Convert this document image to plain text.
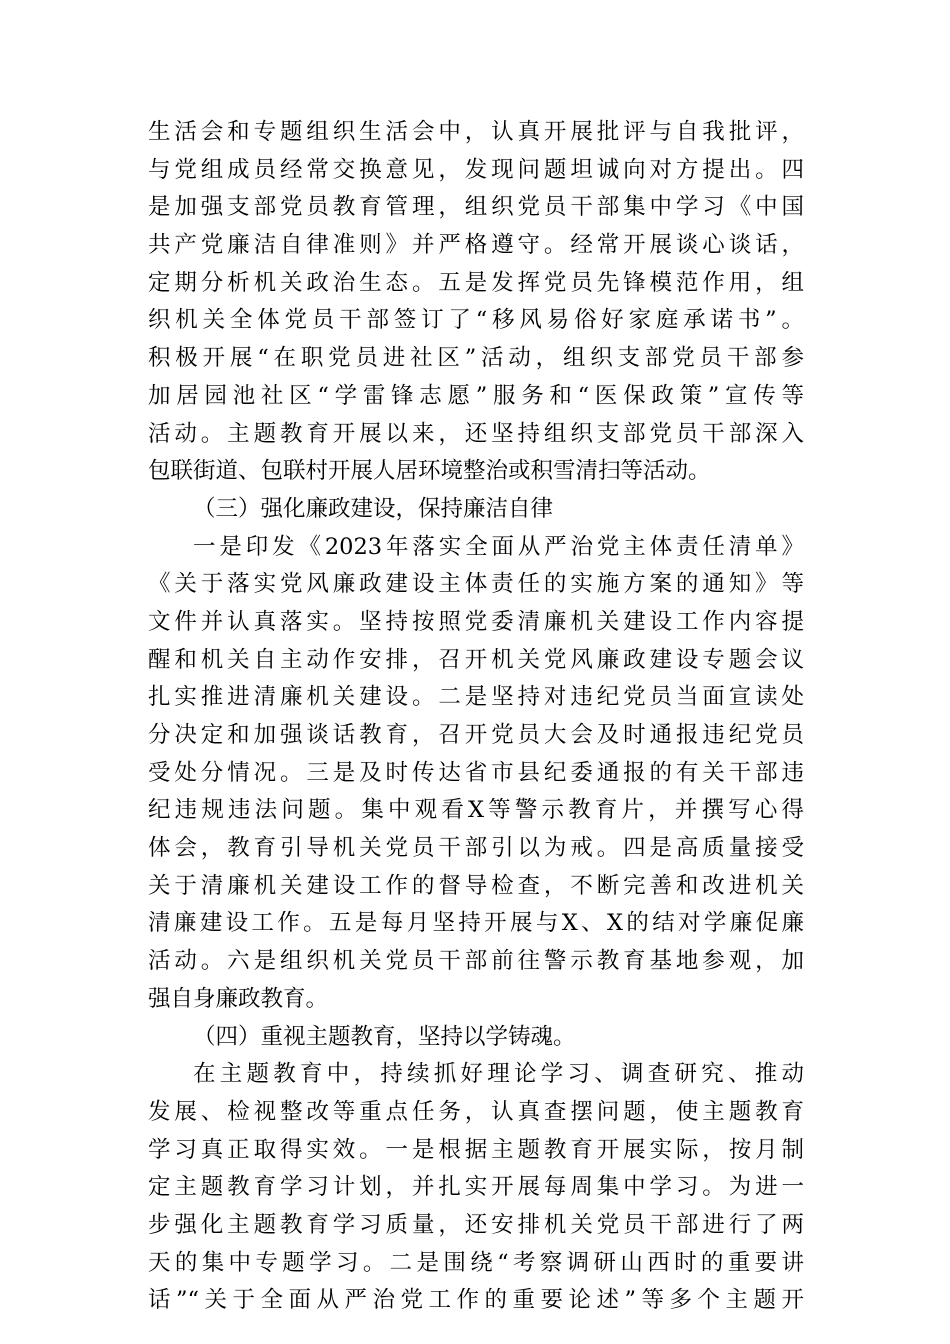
生活会和专题组织生活会中，认真开展批评与自我批评，
与党组成员经常交换意见，发现问题坦诚向对方提出。四
是加强支部党员教育管理，组织党员干部集中学习《中国
共产党廉洁自律准则》并严格遵守。经常开展谈心谈话，
定期分析机关政治生态。五是发挥党员先锋模范作用，组
织机关全体党员干部签订了“移风易俗好家庭承诺书”。
积极开展“在职党员进社区”活动，组织支部党员干部参
加居园池社区“学雷锋志愿”服务和“医保政策”宣传等
活动。主题教育开展以来，还坚持组织支部党员干部深入
包联街道、包联村开展人居环境整治或积雪清扫等活动。
（三）强化廉政建设，保持廉洁自律
一是印发《2023年落实全面从严治党主体责任清单》
《关于落实党风廉政建设主体责任的实施方案的通知》等
文件并认真落实。坚持按照党委清廉机关建设工作内容提
醒和机关自主动作安排，召开机关党风廉政建设专题会议
扎实推进清廉机关建设。二是坚持对违纪党员当面宣读处
分决定和加强谈话教育，召开党员大会及时通报违纪党员
受处分情况。三是及时传达省市县纪委通报的有关干部违
纪违规违法问题。集中观看X等警示教育片，并撰写心得
体会，教育引导机关党员干部引以为戒。四是高质量接受
关于清廉机关建设工作的督导检查，不断完善和改进机关
清廉建设工作。五是每月坚持开展与X、X的结对学廉促廉
活动。六是组织机关党员干部前往警示教育基地参观，加
强自身廉政教育。
（四）重视主题教育，坚持以学铸魂。
在主题教育中，持续抓好理论学习、调查研究、推动
发展、检视整改等重点任务，认真查摆问题，使主题教育
学习真正取得实效。一是根据主题教育开展实际，按月制
定主题教育学习计划，并扎实开展每周集中学习。为进一
步强化主题教育学习质量，还安排机关党员干部进行了两
天的集中专题学习。二是围绕“考察调研山西时的重要讲
话”“关于全面从严治党工作的重要论述”等多个主题开
